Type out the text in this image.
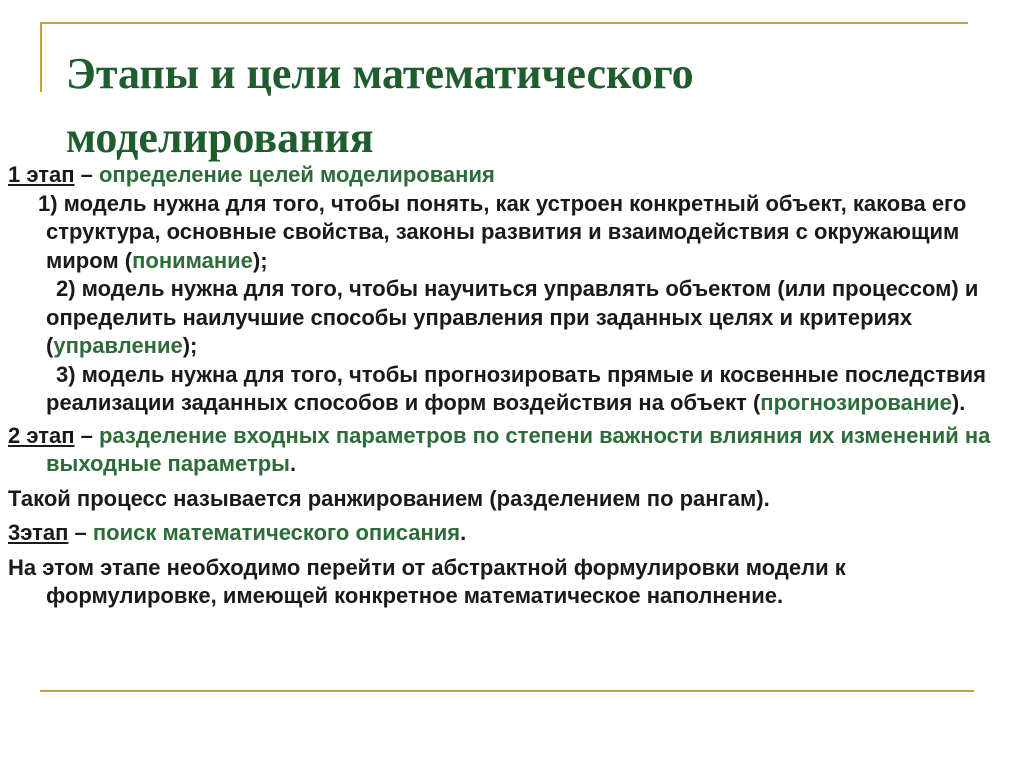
Этапы и цели математического моделирования

1 этап – определение целей моделирования

1) модель нужна для того, чтобы понять, как устроен конкретный объект, какова его структура, основные свойства, законы развития и взаимодействия с окружающим миром (понимание);

2) модель нужна для того, чтобы научиться управлять объектом (или процессом) и определить наилучшие способы управления при заданных целях и критериях (управление);

3) модель нужна для того, чтобы прогнозировать прямые и косвенные последствия реализации заданных способов и форм воздействия на объект (прогнозирование).

2 этап – разделение входных параметров по степени важности влияния их изменений на выходные параметры.

Такой процесс называется ранжированием (разделением по рангам).

3этап – поиск математического описания.

На этом этапе необходимо перейти от абстрактной формулировки модели к формулировке, имеющей конкретное математическое наполнение.
